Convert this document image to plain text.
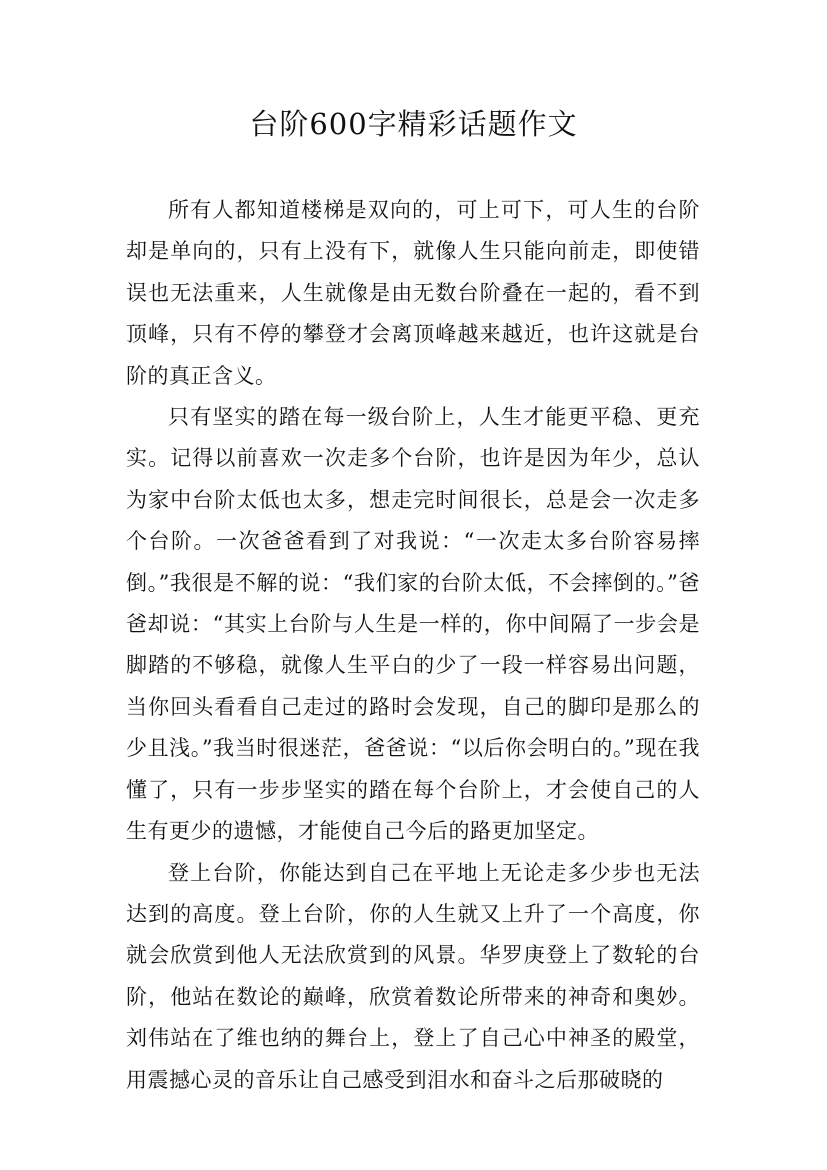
台阶600字精彩话题作文

所有人都知道楼梯是双向的，可上可下，可人生的台阶却是单向的，只有上没有下，就像人生只能向前走，即使错误也无法重来，人生就像是由无数台阶叠在一起的，看不到顶峰，只有不停的攀登才会离顶峰越来越近，也许这就是台阶的真正含义。

只有坚实的踏在每一级台阶上，人生才能更平稳、更充实。记得以前喜欢一次走多个台阶，也许是因为年少，总认为家中台阶太低也太多，想走完时间很长，总是会一次走多个台阶。一次爸爸看到了对我说：“一次走太多台阶容易摔倒。”我很是不解的说：“我们家的台阶太低，不会摔倒的。”爸爸却说：“其实上台阶与人生是一样的，你中间隔了一步会是脚踏的不够稳，就像人生平白的少了一段一样容易出问题，当你回头看看自己走过的路时会发现，自己的脚印是那么的少且浅。”我当时很迷茫，爸爸说：“以后你会明白的。”现在我懂了，只有一步步坚实的踏在每个台阶上，才会使自己的人生有更少的遗憾，才能使自己今后的路更加坚定。

登上台阶，你能达到自己在平地上无论走多少步也无法达到的高度。登上台阶，你的人生就又上升了一个高度，你就会欣赏到他人无法欣赏到的风景。华罗庚登上了数轮的台阶，他站在数论的巅峰，欣赏着数论所带来的神奇和奥妙。刘伟站在了维也纳的舞台上，登上了自己心中神圣的殿堂，用震撼心灵的音乐让自己感受到泪水和奋斗之后那破晓的
